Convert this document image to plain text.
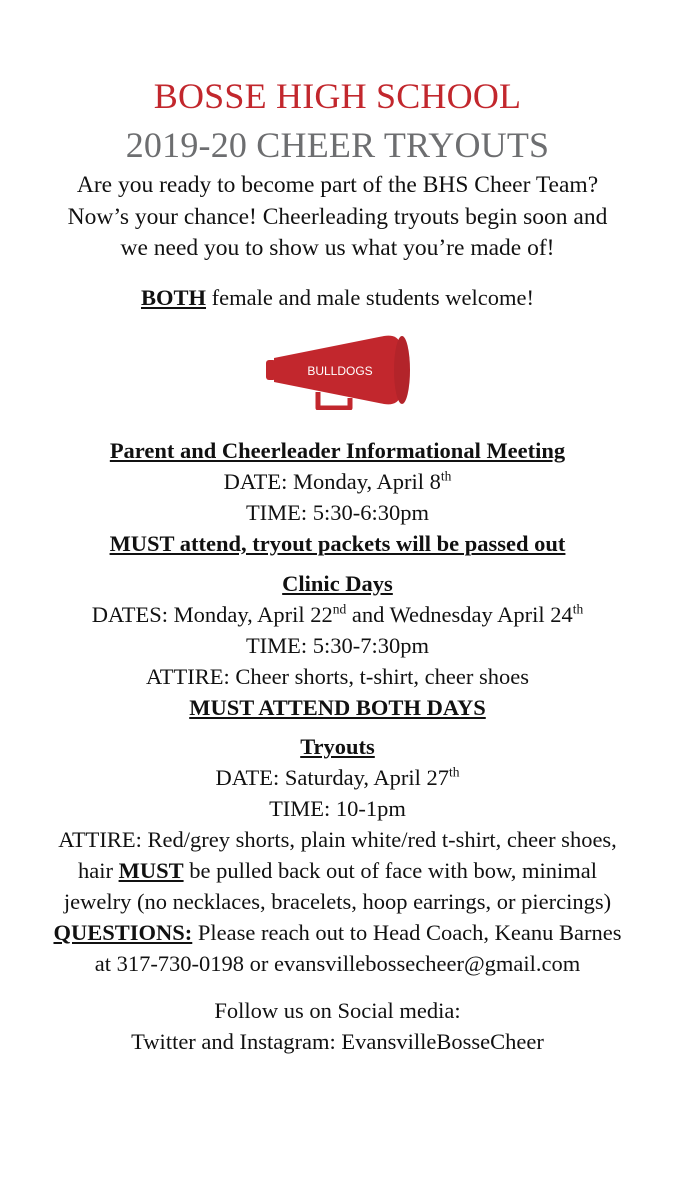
BOSSE HIGH SCHOOL
2019-20 CHEER TRYOUTS
Are you ready to become part of the BHS Cheer Team?
Now’s your chance! Cheerleading tryouts begin soon and
we need you to show us what you’re made of!
BOTH female and male students welcome!
BULLDOGS
Parent and Cheerleader Informational Meeting
DATE: Monday, April 8th
TIME: 5:30-6:30pm
MUST attend, tryout packets will be passed out
Clinic Days
DATES: Monday, April 22nd and Wednesday April 24th
TIME: 5:30-7:30pm
ATTIRE: Cheer shorts, t-shirt, cheer shoes
MUST ATTEND BOTH DAYS
Tryouts
DATE: Saturday, April 27th
TIME: 10-1pm
ATTIRE: Red/grey shorts, plain white/red t-shirt, cheer shoes,
hair MUST be pulled back out of face with bow, minimal
jewelry (no necklaces, bracelets, hoop earrings, or piercings)
QUESTIONS: Please reach out to Head Coach, Keanu Barnes
at 317-730-0198 or evansvillebossecheer@gmail.com
Follow us on Social media:
Twitter and Instagram: EvansvilleBosseCheer
